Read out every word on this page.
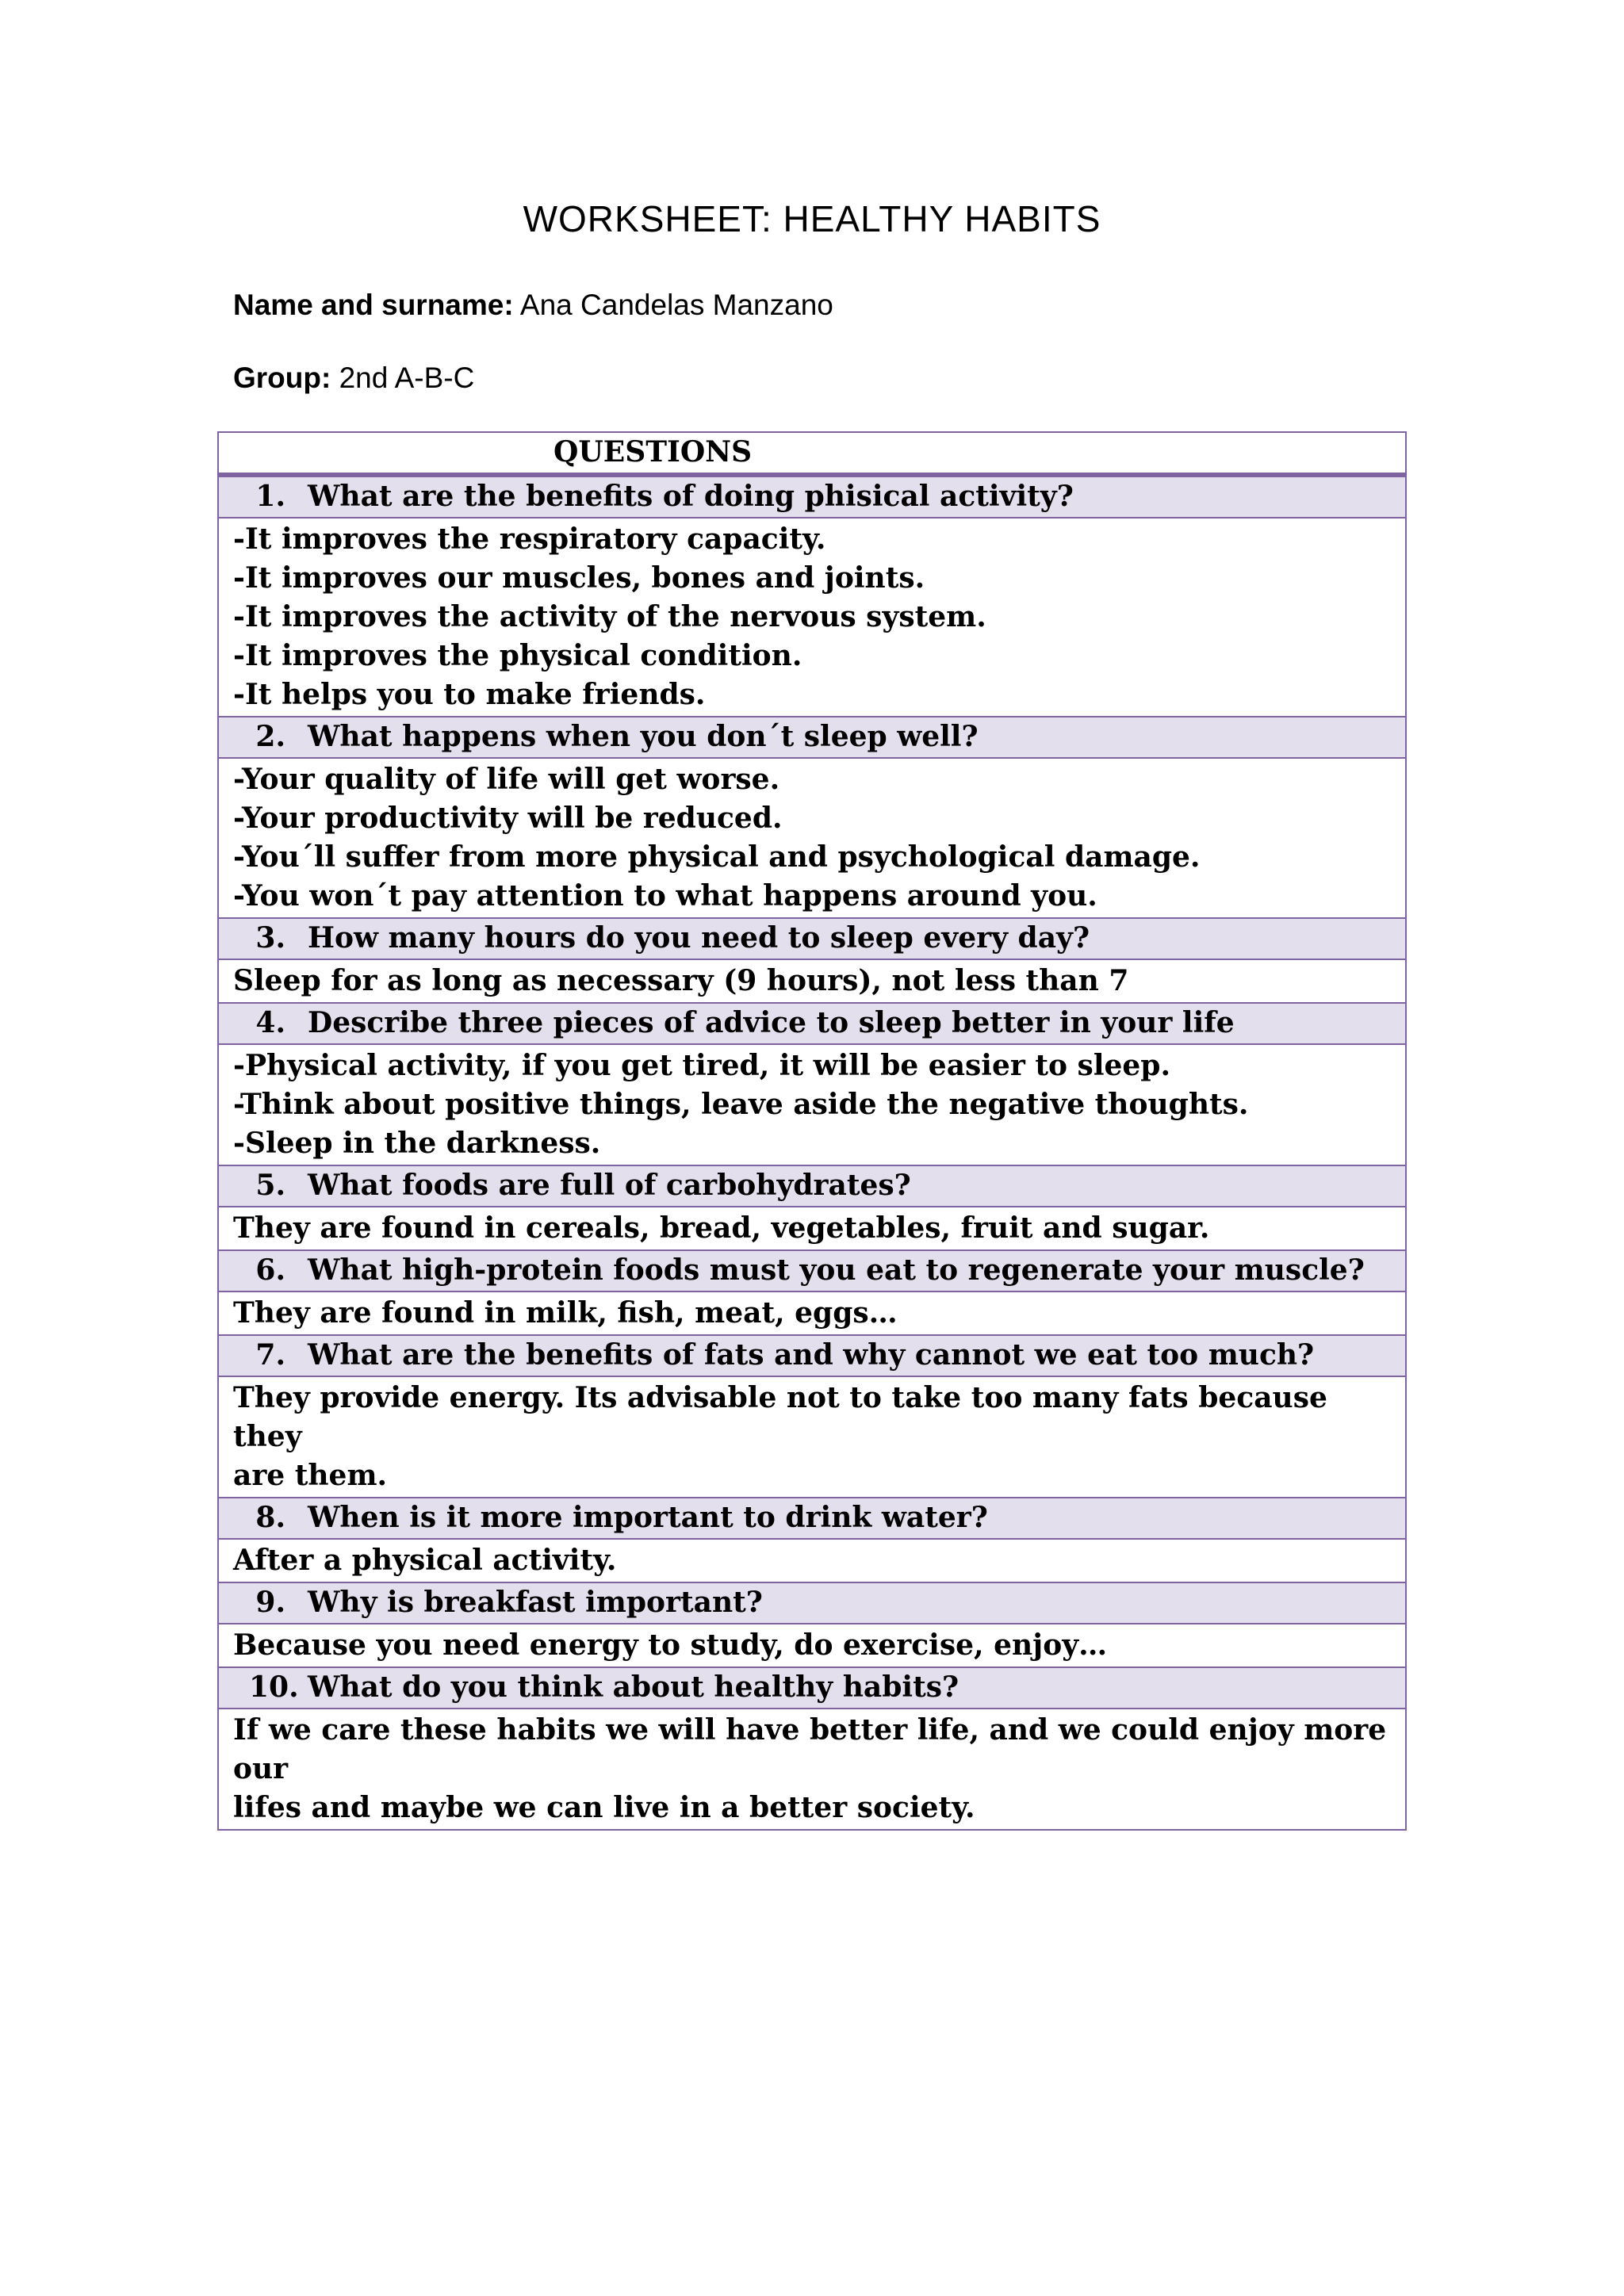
WORKSHEET: HEALTHY HABITS
Name and surname: Ana Candelas Manzano
Group: 2nd A-B-C
QUESTIONS
1. What are the benefits of doing phisical activity?

-It improves the respiratory capacity.
-It improves our muscles, bones and joints.
-It improves the activity of the nervous system.
-It improves the physical condition.
-It helps you to make friends.

2. What happens when you don´t sleep well?

-Your quality of life will get worse.
-Your productivity will be reduced.
-You´ll suffer from more physical and psychological damage.
-You won´t pay attention to what happens around you.

3. How many hours do you need to sleep every day?

Sleep for as long as necessary (9 hours), not less than 7

4. Describe three pieces of advice to sleep better in your life

-Physical activity, if you get tired, it will be easier to sleep.
-Think about positive things, leave aside the negative thoughts.
-Sleep in the darkness.

5. What foods are full of carbohydrates?

They are found in cereals, bread, vegetables, fruit and sugar.

6. What high-protein foods must you eat to regenerate your muscle?

They are found in milk, fish, meat, eggs…

7. What are the benefits of fats and why cannot we eat too much?

They provide energy. Its advisable not to take too many fats because they
are them.

8. When is it more important to drink water?

After a physical activity.

9. Why is breakfast important?

Because you need energy to study, do exercise, enjoy…

10. What do you think about healthy habits?

If we care these habits we will have better life, and we could enjoy more our
lifes and maybe we can live in a better society.
